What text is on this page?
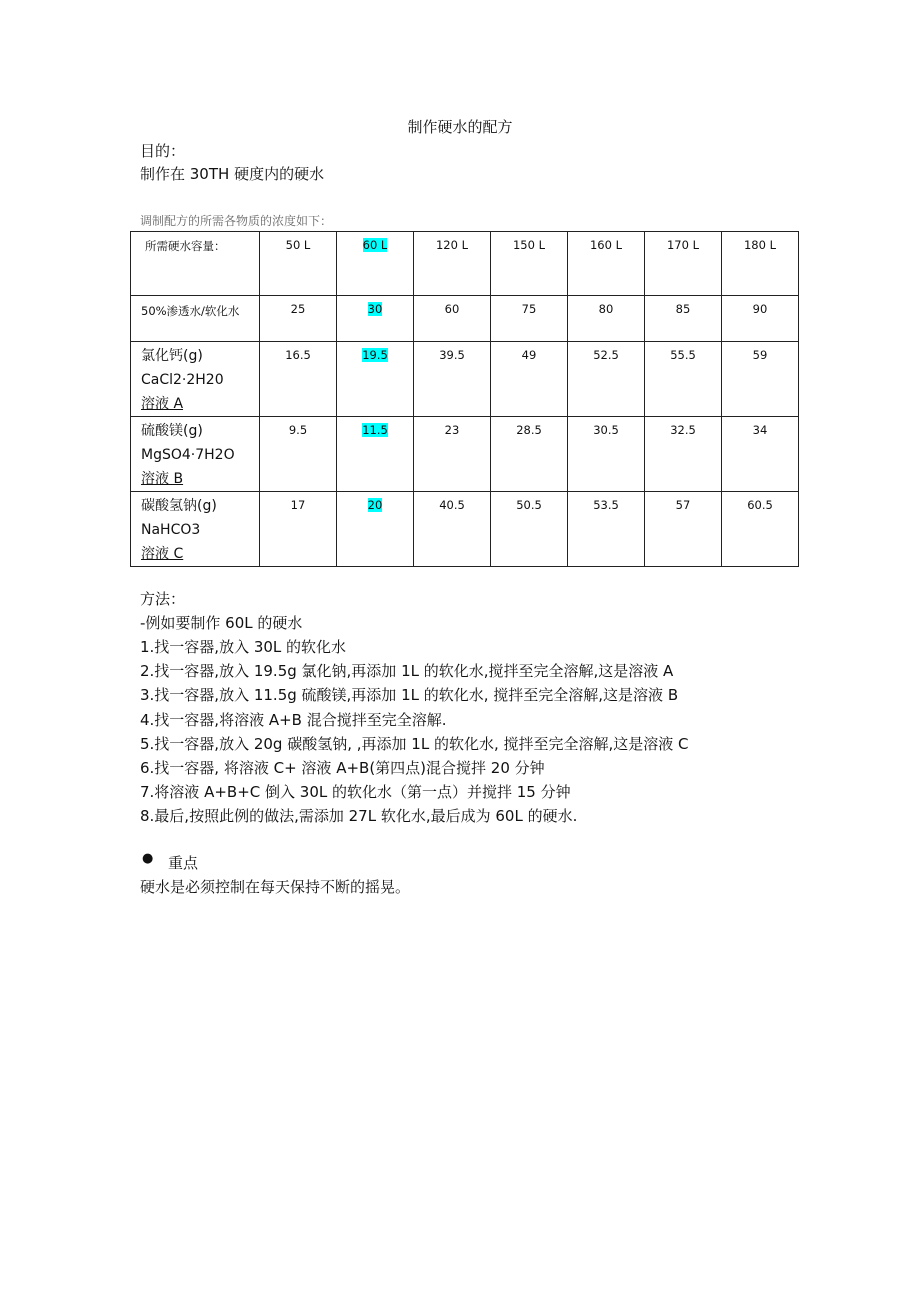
制作硬水的配方
目的：
制作在 30TH 硬度内的硬水
调制配方的所需各物质的浓度如下：
所需硬水容量：	50 L	60 L	120 L	150 L	160 L	170 L	180 L
50%渗透水/软化水	25	30	60	75	80	85	90

氯化钙(g)
CaCl2·2H20
溶液 A	16.5	19.5	39.5	49	52.5	55.5	59

硫酸镁(g)
MgSO4·7H2O
溶液 B	9.5	11.5	23	28.5	30.5	32.5	34

碳酸氢钠(g)
NaHCO3
溶液 C	17	20	40.5	50.5	53.5	57	60.5
方法：
-例如要制作 60L 的硬水
1.找一容器,放入 30L 的软化水
2.找一容器,放入 19.5g 氯化钠,再添加 1L 的软化水,搅拌至完全溶解,这是溶液 A
3.找一容器,放入 11.5g 硫酸镁,再添加 1L 的软化水, 搅拌至完全溶解,这是溶液 B
4.找一容器,将溶液 A+B 混合搅拌至完全溶解.
5.找一容器,放入 20g 碳酸氢钠, ,再添加 1L 的软化水, 搅拌至完全溶解,这是溶液 C
6.找一容器, 将溶液 C+ 溶液 A+B(第四点)混合搅拌 20 分钟
7.将溶液 A+B+C 倒入 30L 的软化水（第一点）并搅拌 15 分钟
8.最后,按照此例的做法,需添加 27L 软化水,最后成为 60L 的硬水.
● 重点
硬水是必须控制在每天保持不断的摇晃。
